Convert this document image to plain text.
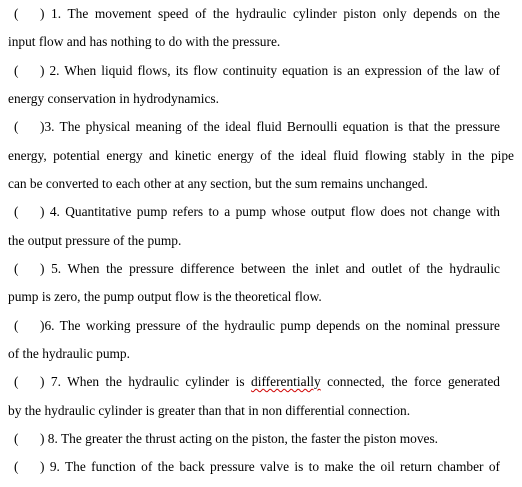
( ) 1. The movement speed of the hydraulic cylinder piston only depends on the
input flow and has nothing to do with the pressure.
( ) 2. When liquid flows, its flow continuity equation is an expression of the law of
energy conservation in hydrodynamics.
( )3. The physical meaning of the ideal fluid Bernoulli equation is that the pressure
energy, potential energy and kinetic energy of the ideal fluid flowing stably in the pipe
can be converted to each other at any section, but the sum remains unchanged.
( ) 4. Quantitative pump refers to a pump whose output flow does not change with
the output pressure of the pump.
( ) 5. When the pressure difference between the inlet and outlet of the hydraulic
pump is zero, the pump output flow is the theoretical flow.
( )6. The working pressure of the hydraulic pump depends on the nominal pressure
of the hydraulic pump.
( ) 7. When the hydraulic cylinder is differentially connected, the force generated
by the hydraulic cylinder is greater than that in non differential connection.
( ) 8. The greater the thrust acting on the piston, the faster the piston moves.
( ) 9. The function of the back pressure valve is to make the oil return chamber of
